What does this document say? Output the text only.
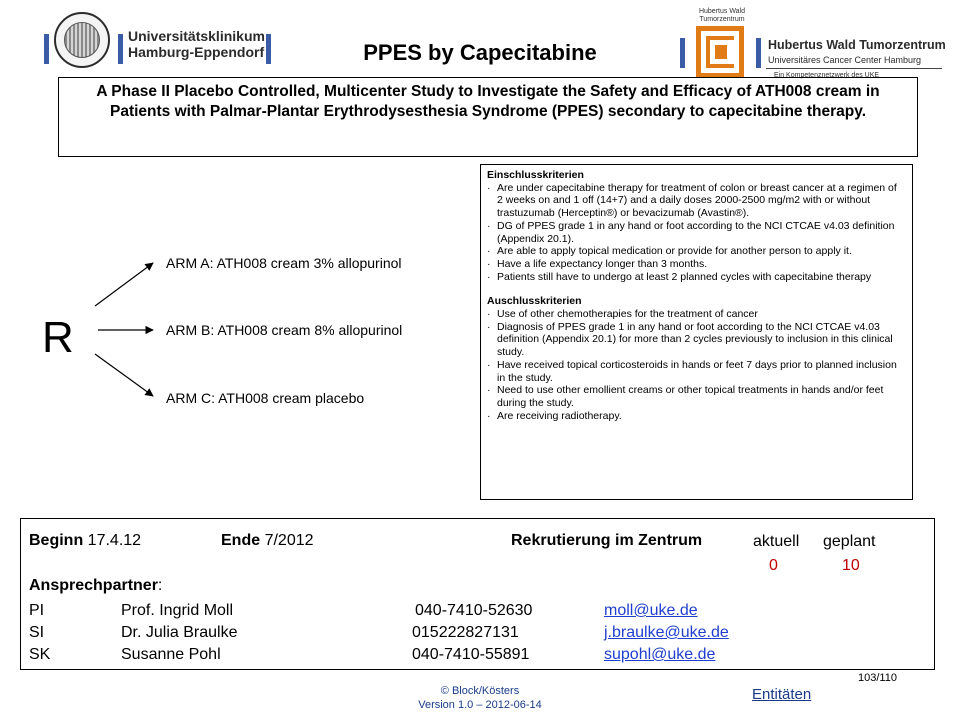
Universitätsklinikum
Hamburg-Eppendorf
Hubertus Wald Tumorzentrum
Hubertus Wald Tumorzentrum
Universitäres Cancer Center Hamburg
Ein Kompetenznetzwerk des UKE
PPES by Capecitabine
A Phase II Placebo Controlled, Multicenter Study to Investigate the Safety and Efficacy of ATH008 cream in Patients with Palmar-Plantar Erythrodysesthesia Syndrome (PPES) secondary to capecitabine therapy.
R
ARM A: ATH008 cream 3% allopurinol
ARM B: ATH008 cream 8% allopurinol
ARM C: ATH008 cream placebo
Einschlusskriterien
· Are under capecitabine therapy for treatment of colon or breast cancer at a regimen of 2 weeks on and 1 off (14+7) and a daily doses 2000-2500 mg/m2 with or without trastuzumab (Herceptin®) or bevacizumab (Avastin®).
· DG of PPES grade 1 in any hand or foot according to the NCI CTCAE v4.03 definition (Appendix 20.1).
· Are able to apply topical medication or provide for another person to apply it.
· Have a life expectancy longer than 3 months.
· Patients still have to undergo at least 2 planned cycles with capecitabine therapy
Auschlusskriterien
· Use of other chemotherapies for the treatment of cancer
· Diagnosis of PPES grade 1 in any hand or foot according to the NCI CTCAE v4.03 definition (Appendix 20.1) for more than 2 cycles previously to inclusion in this clinical study.
· Have received topical corticosteroids in hands or feet 7 days prior to planned inclusion in the study.
· Need to use other emollient creams or other topical treatments in hands and/or feet during the study.
· Are receiving radiotherapy.
Beginn 17.4.12	Ende 7/2012	Rekrutierung im Zentrum	aktuell geplant
0	10
Ansprechpartner:
PI	Prof. Ingrid Moll	040-7410-52630	moll@uke.de
SI	Dr. Julia Braulke	015222827131	j.braulke@uke.de
SK	Susanne Pohl	040-7410-55891	supohl@uke.de
103/110
© Block/Kösters
Version 1.0 – 2012-06-14
Entitäten
